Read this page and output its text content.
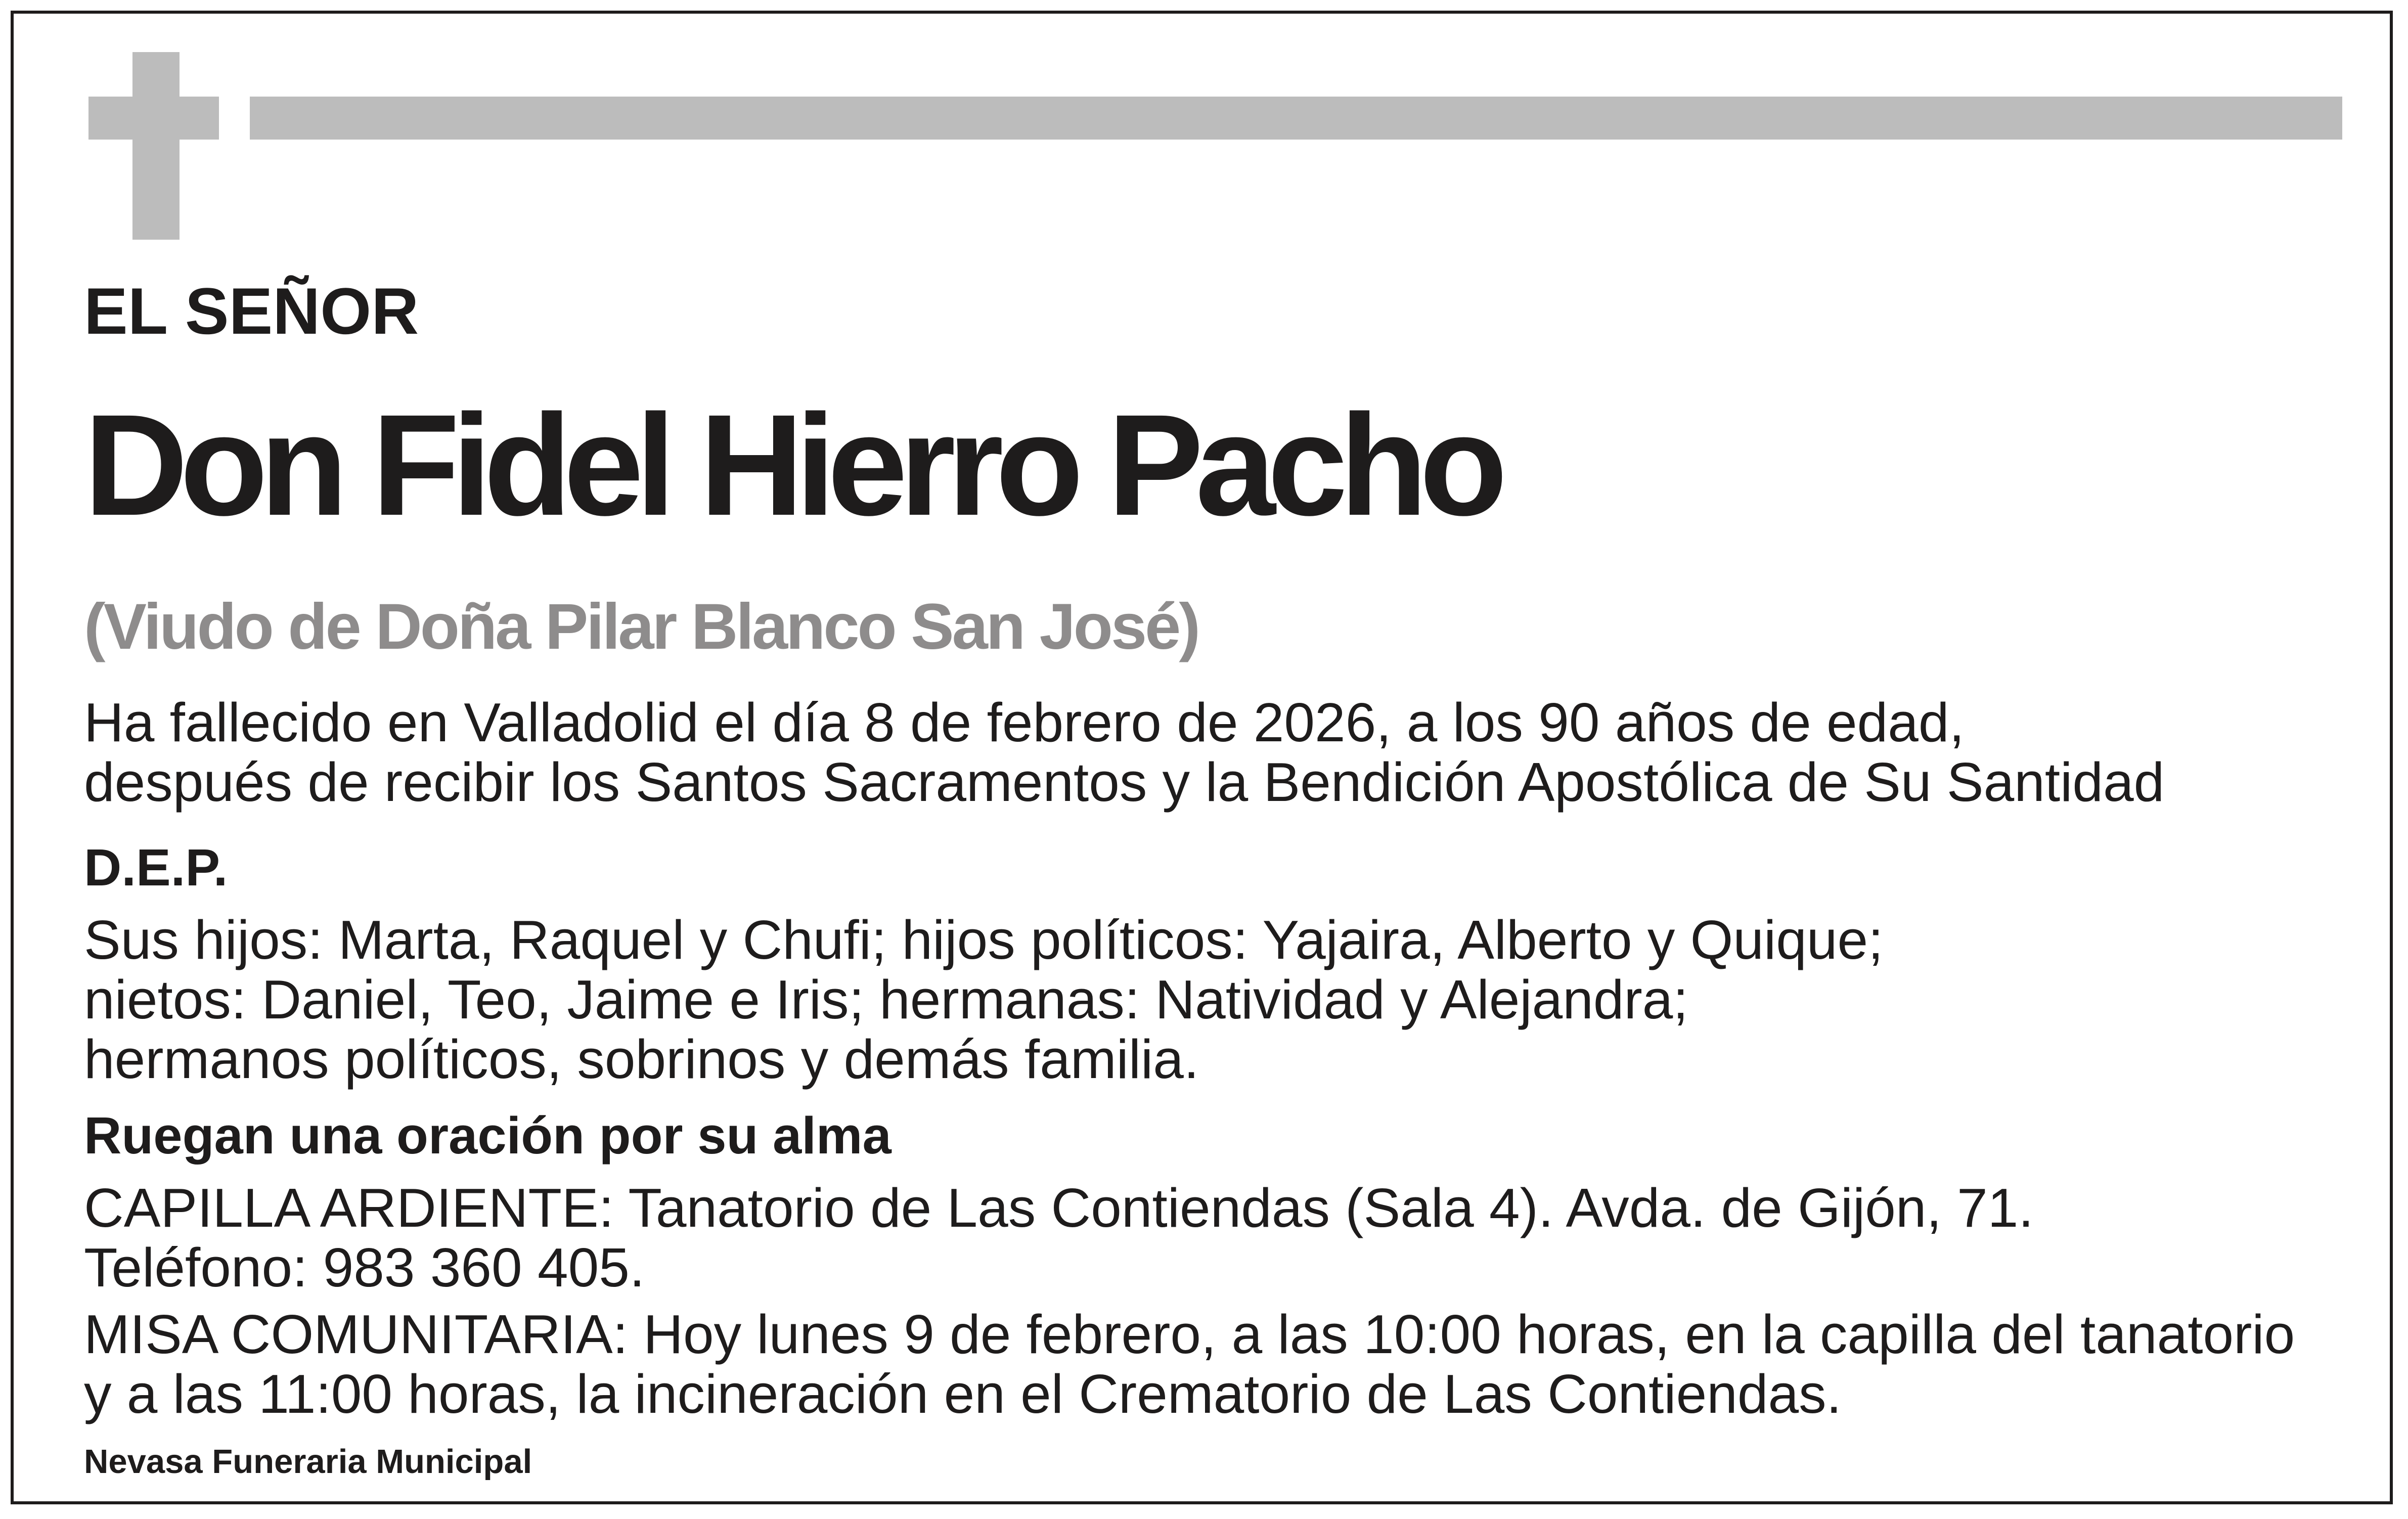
EL SEÑOR

Don Fidel Hierro Pacho

(Viudo de Doña Pilar Blanco San José)

Ha fallecido en Valladolid el día 8 de febrero de 2026, a los 90 años de edad,

después de recibir los Santos Sacramentos y la Bendición Apostólica de Su Santidad

D.E.P.

Sus hijos: Marta, Raquel y Chufi; hijos políticos: Yajaira, Alberto y Quique;

nietos: Daniel, Teo, Jaime e Iris; hermanas: Natividad y Alejandra;

hermanos políticos, sobrinos y demás familia.

Ruegan una oración por su alma

CAPILLA ARDIENTE: Tanatorio de Las Contiendas (Sala 4). Avda. de Gijón, 71.

Teléfono: 983 360 405.

MISA COMUNITARIA: Hoy lunes 9 de febrero, a las 10:00 horas, en la capilla del tanatorio

y a las 11:00 horas, la incineración en el Crematorio de Las Contiendas.

Nevasa Funeraria Municipal
